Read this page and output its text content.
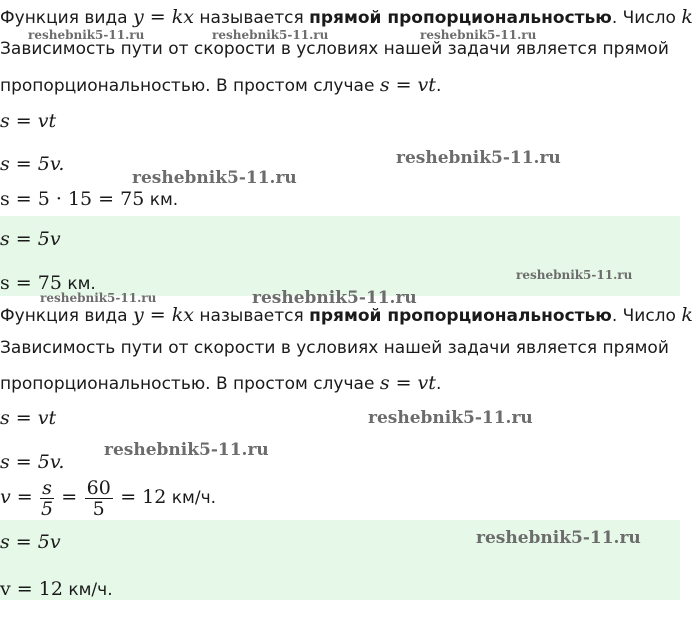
Функция вида y = kx называется прямой пропорциональностью. Число k
Зависимость пути от скорости в условиях нашей задачи является прямой
пропорциональностью. В простом случае s = vt.
s = vt
s = 5v.
s = 5 · 15 = 75 км.
s = 5v
s = 75 км.
Функция вида y = kx называется прямой пропорциональностью. Число k
Зависимость пути от скорости в условиях нашей задачи является прямой
пропорциональностью. В простом случае s = vt.
s = vt
s = 5v.
$v = \frac{s}{5} = \frac{60}{5} = 12$ км/ч.
s = 5v
v = 12 км/ч.
reshebnik5-11.ru	reshebnik5-11.ru	reshebnik5-11.ru
reshebnik5-11.ru
reshebnik5-11.ru
reshebnik5-11.ru
reshebnik5-11.ru	reshebnik5-11.ru
reshebnik5-11.ru
reshebnik5-11.ru
reshebnik5-11.ru
